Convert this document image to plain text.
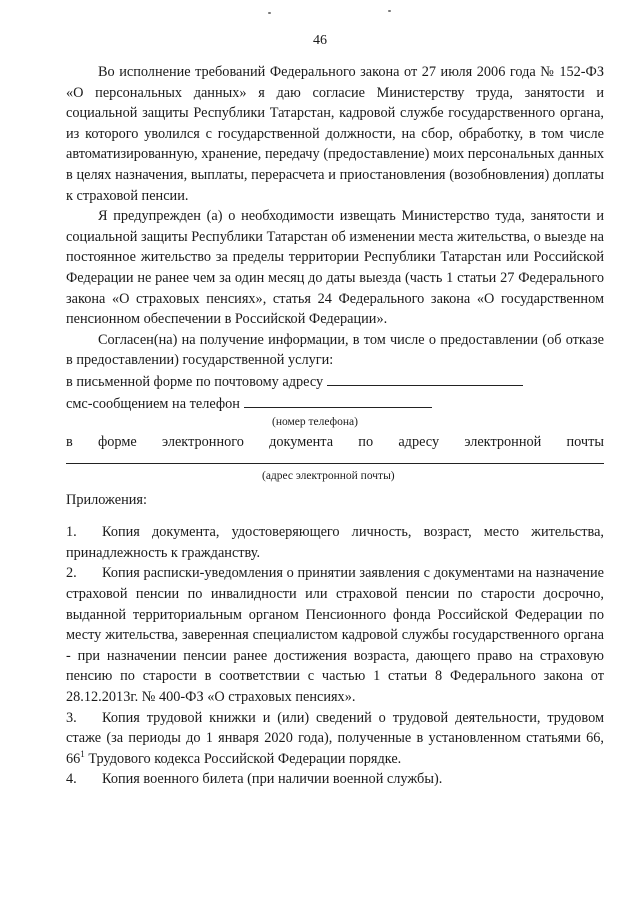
46

Во исполнение требований Федерального закона от 27 июля 2006 года № 152-ФЗ «О персональных данных» я даю согласие Министерству труда, занятости и социальной защиты Республики Татарстан, кадровой службе государственного органа, из которого уволился с государственной должности, на сбор, обработку, в том числе автоматизированную, хранение, передачу (предоставление) моих персональных данных в целях назначения, выплаты, перерасчета и приостановления (возобновления) доплаты к страховой пенсии.

Я предупрежден (а) о необходимости извещать Министерство туда, занятости и социальной защиты Республики Татарстан об изменении места жительства, о выезде на постоянное жительство за пределы территории Республики Татарстан или Российской Федерации не ранее чем за один месяц до даты выезда (часть 1 статьи 27 Федерального закона «О страховых пенсиях», статья 24 Федерального закона «О государственном пенсионном обеспечении в Российской Федерации».

Согласен(на) на получение информации, в том числе о предоставлении (об отказе в предоставлении) государственной услуги:

в письменной форме по почтовому адресу
смс-сообщением на телефон
(номер телефона)
в форме электронного документа по адресу электронной почты
(адрес электронной почты)
Приложения:

1. Копия документа, удостоверяющего личность, возраст, место жительства, принадлежность к гражданству.

2. Копия расписки-уведомления о принятии заявления с документами на назначение страховой пенсии по инвалидности или страховой пенсии по старости досрочно, выданной территориальным органом Пенсионного фонда Российской Федерации по месту жительства, заверенная специалистом кадровой службы государственного органа - при назначении пенсии ранее достижения возраста, дающего право на страховую пенсию по старости в соответствии с частью 1 статьи 8 Федерального закона от 28.12.2013г. № 400-ФЗ «О страховых пенсиях».

3. Копия трудовой книжки и (или) сведений о трудовой деятельности, трудовом стаже (за периоды до 1 января 2020 года), полученные в установленном статьями 66, $66^1$ Трудового кодекса Российской Федерации порядке.

4. Копия военного билета (при наличии военной службы).
